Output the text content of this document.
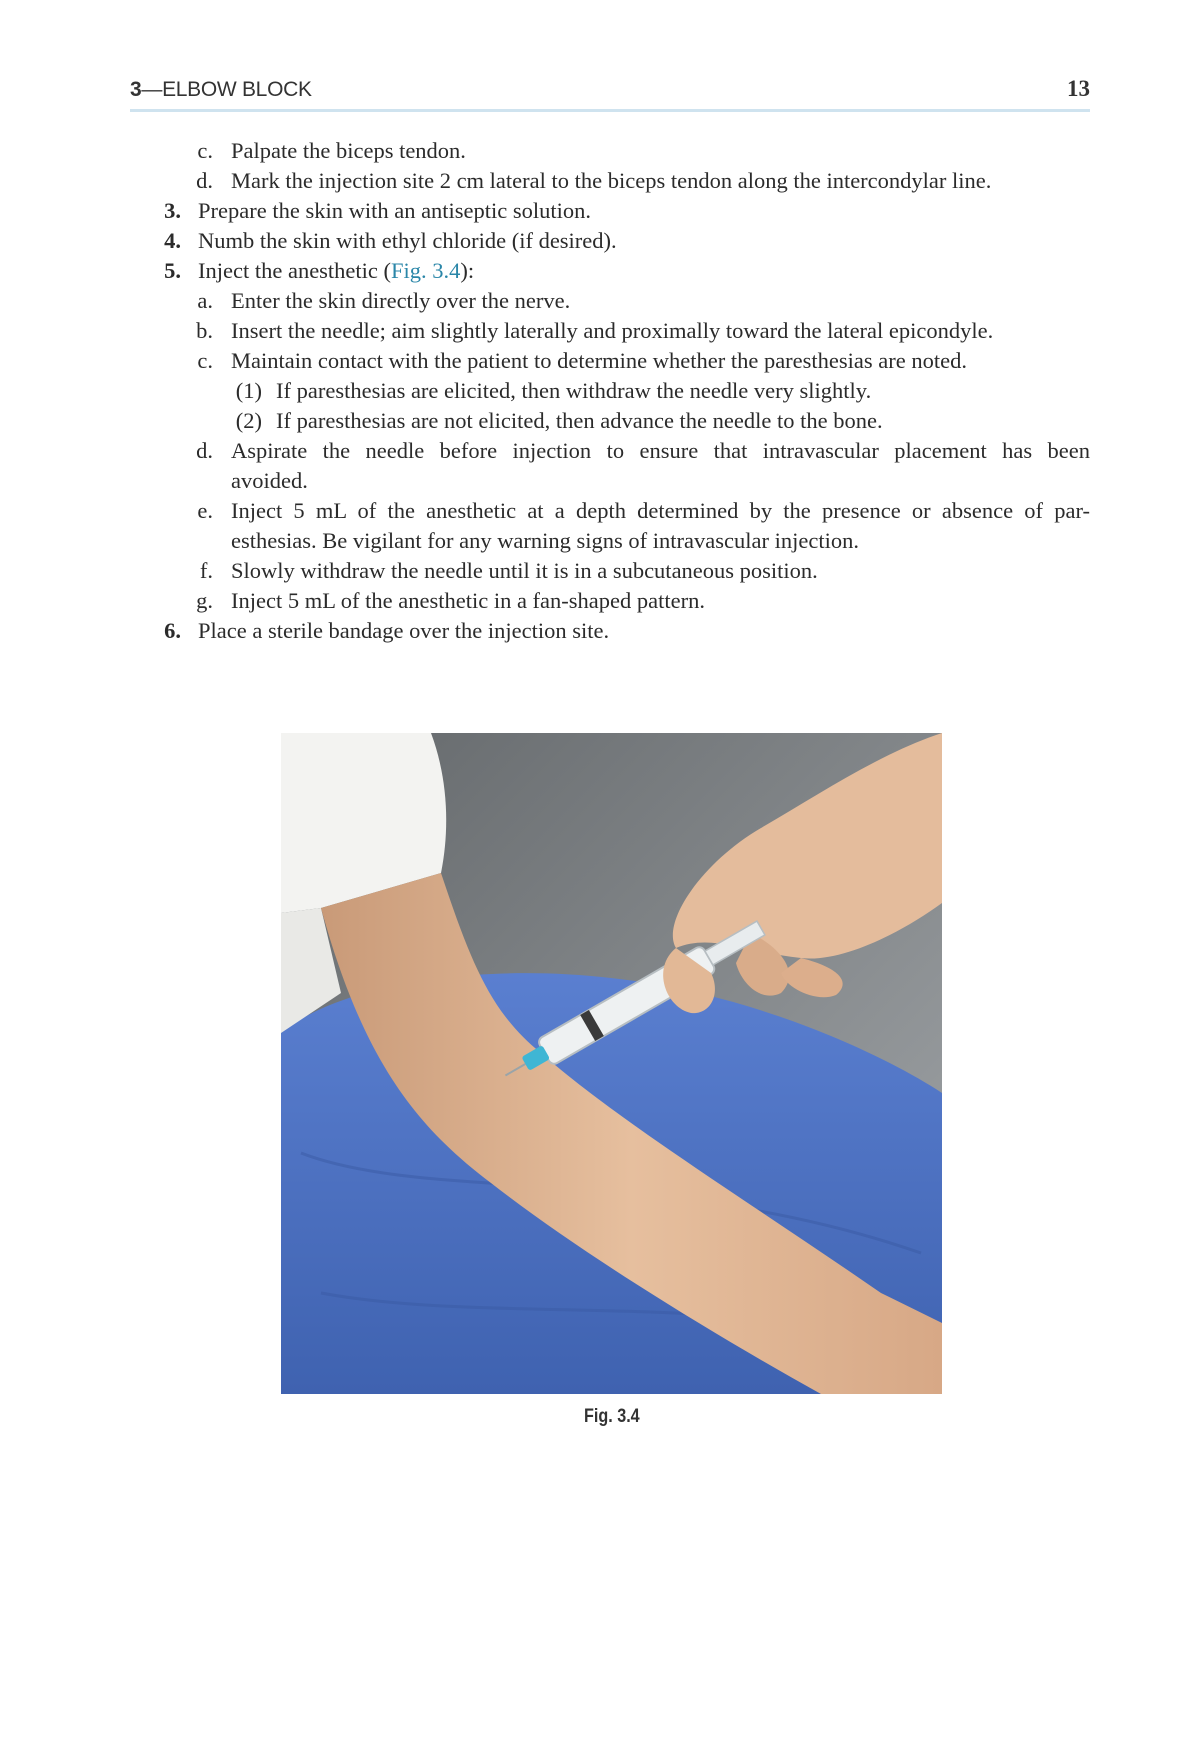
3—ELBOW BLOCK	13
c. Palpate the biceps tendon.
d. Mark the injection site 2 cm lateral to the biceps tendon along the intercondylar line.
3. Prepare the skin with an antiseptic solution.
4. Numb the skin with ethyl chloride (if desired).
5. Inject the anesthetic (Fig. 3.4):
a. Enter the skin directly over the nerve.
b. Insert the needle; aim slightly laterally and proximally toward the lateral epicondyle.
c. Maintain contact with the patient to determine whether the paresthesias are noted.
(1) If paresthesias are elicited, then withdraw the needle very slightly.
(2) If paresthesias are not elicited, then advance the needle to the bone.
d. Aspirate the needle before injection to ensure that intravascular placement has been
avoided.
e. Inject 5 mL of the anesthetic at a depth determined by the presence or absence of par-
esthesias. Be vigilant for any warning signs of intravascular injection.
f. Slowly withdraw the needle until it is in a subcutaneous position.
g. Inject 5 mL of the anesthetic in a fan-shaped pattern.
6. Place a sterile bandage over the injection site.
Fig. 3.4
